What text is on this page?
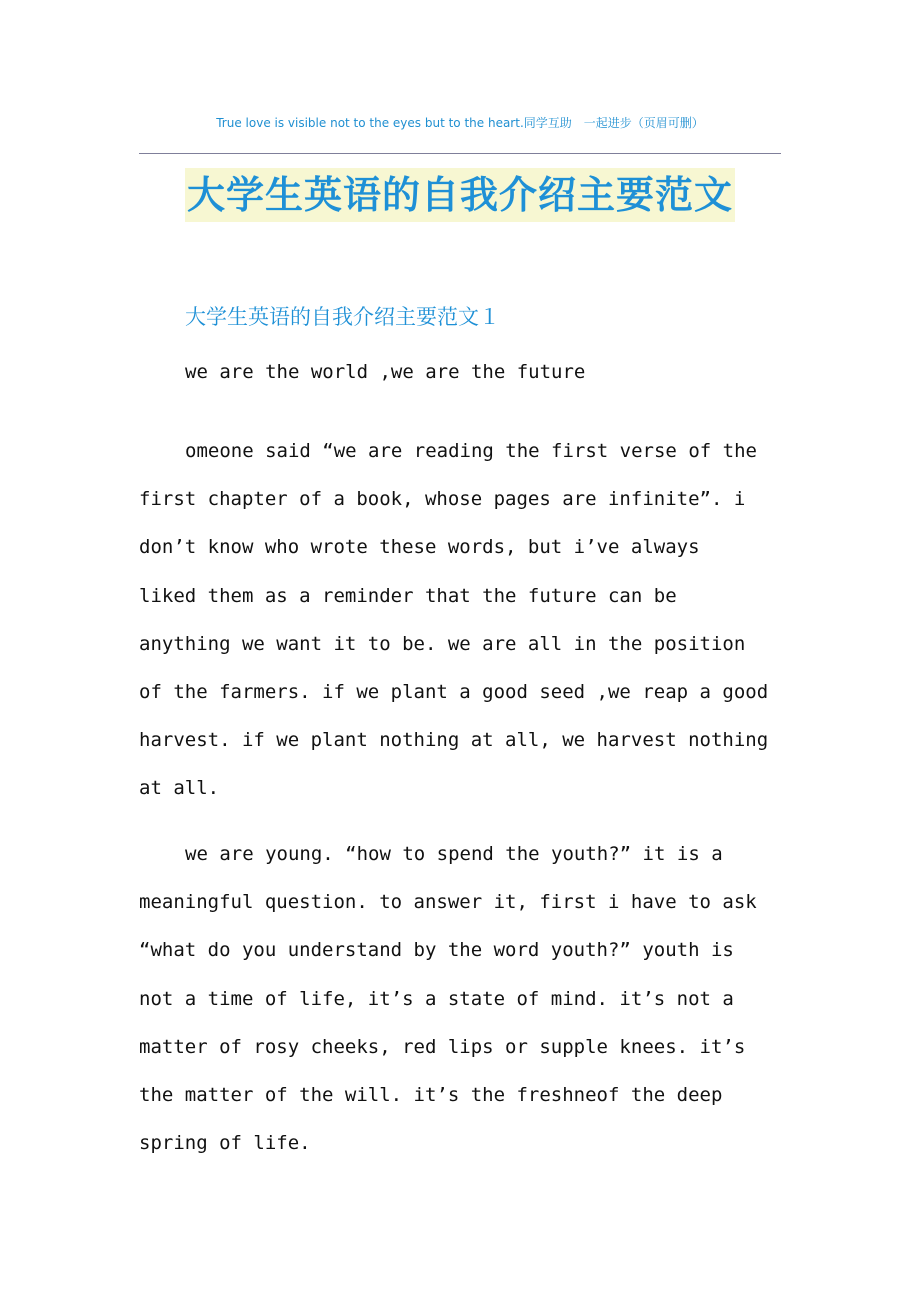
True love is visible not to the eyes but to the heart.同学互助　一起进步（页眉可删）
大学生英语的自我介绍主要范文
大学生英语的自我介绍主要范文１
we are the world ,we are the future
omeone said “we are reading the first verse of the
first chapter of a book, whose pages are infinite”. i
don’t know who wrote these words, but i’ve always
liked them as a reminder that the future can be
anything we want it to be. we are all in the position
of the farmers. if we plant a good seed ,we reap a good
harvest. if we plant nothing at all, we harvest nothing
at all.
we are young. “how to spend the youth?” it is a
meaningful question. to answer it, first i have to ask
“what do you understand by the word youth?” youth is
not a time of life, it’s a state of mind. it’s not a
matter of rosy cheeks, red lips or supple knees. it’s
the matter of the will. it’s the freshneof the deep
spring of life.
